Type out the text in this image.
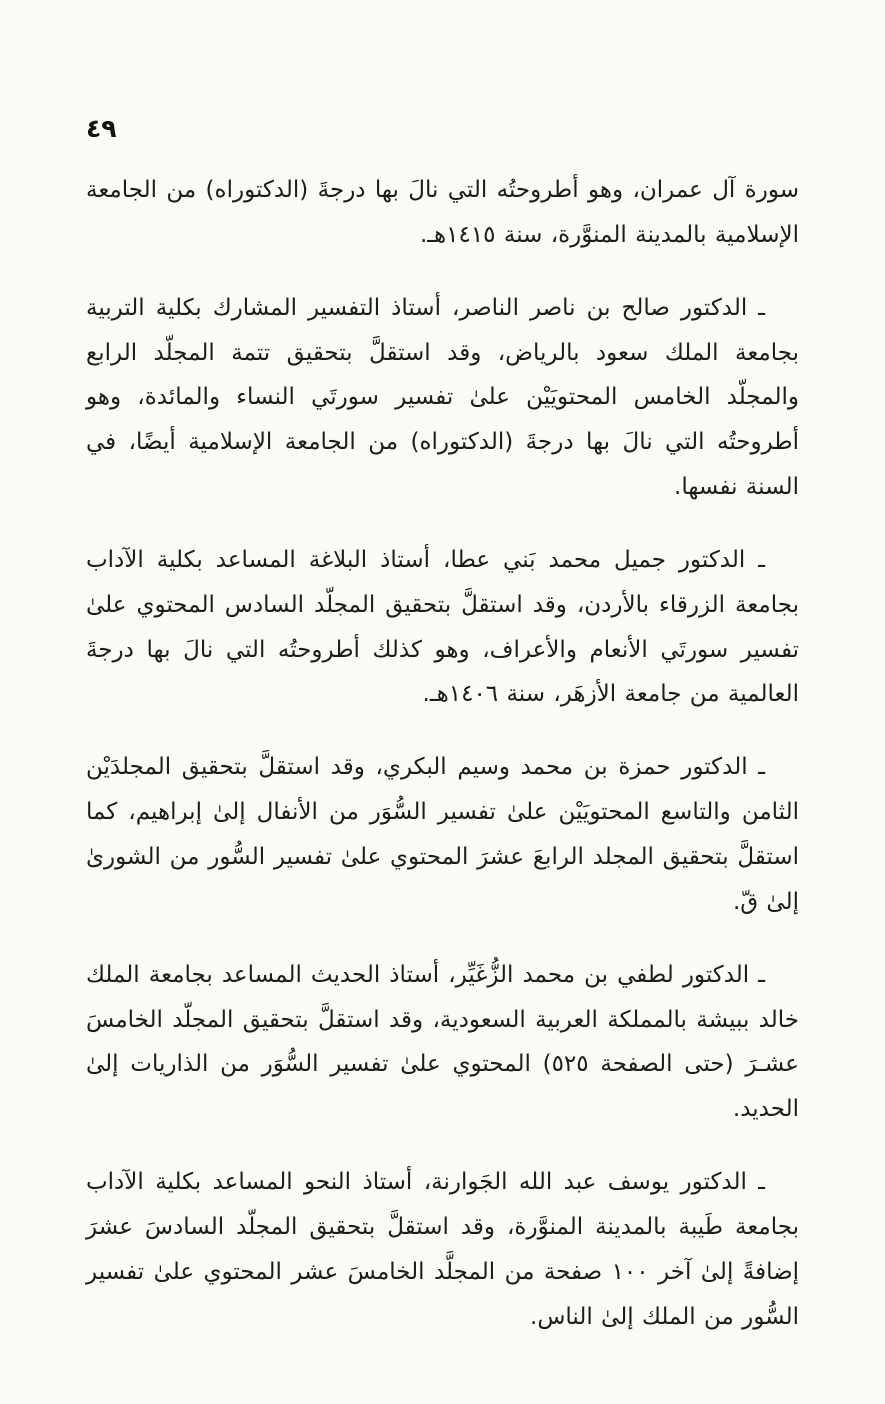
٤٩

سورة آل عمران، وهو أطروحتُه التي نالَ بها درجةَ (الدكتوراه) من الجامعة الإسلامية بالمدينة المنوَّرة، سنة ١٤١٥هـ.

ـ الدكتور صالح بن ناصر الناصر، أستاذ التفسير المشارك بكلية التربية بجامعة الملك سعود بالرياض، وقد استقلَّ بتحقيق تتمة المجلّد الرابع والمجلّد الخامس المحتويَيْن علىٰ تفسير سورتَي النساء والمائدة، وهو أطروحتُه التي نالَ بها درجةَ (الدكتوراه) من الجامعة الإسلامية أيضًا، في السنة نفسها.

ـ الدكتور جميل محمد بَني عطا، أستاذ البلاغة المساعد بكلية الآداب بجامعة الزرقاء بالأردن، وقد استقلَّ بتحقيق المجلّد السادس المحتوي علىٰ تفسير سورتَي الأنعام والأعراف، وهو كذلك أطروحتُه التي نالَ بها درجةَ العالمية من جامعة الأزهَر، سنة ١٤٠٦هـ.

ـ الدكتور حمزة بن محمد وسيم البكري، وقد استقلَّ بتحقيق المجلدَيْن الثامن والتاسع المحتويَيْن علىٰ تفسير السُّوَر من الأنفال إلىٰ إبراهيم، كما استقلَّ بتحقيق المجلد الرابعَ عشرَ المحتوي علىٰ تفسير السُّور من الشورىٰ إلىٰ قّ.

ـ الدكتور لطفي بن محمد الزُّغَيِّر، أستاذ الحديث المساعد بجامعة الملك خالد ببيشة بالمملكة العربية السعودية، وقد استقلَّ بتحقيق المجلّد الخامسَ عشـرَ (حتى الصفحة ٥٢٥) المحتوي علىٰ تفسير السُّوَر من الذاريات إلىٰ الحديد.

ـ الدكتور يوسف عبد الله الجَوارنة، أستاذ النحو المساعد بكلية الآداب بجامعة طَيبة بالمدينة المنوَّرة، وقد استقلَّ بتحقيق المجلّد السادسَ عشرَ إضافةً إلىٰ آخر ١٠٠ صفحة من المجلَّد الخامسَ عشر المحتوي علىٰ تفسير السُّور من الملك إلىٰ الناس.
